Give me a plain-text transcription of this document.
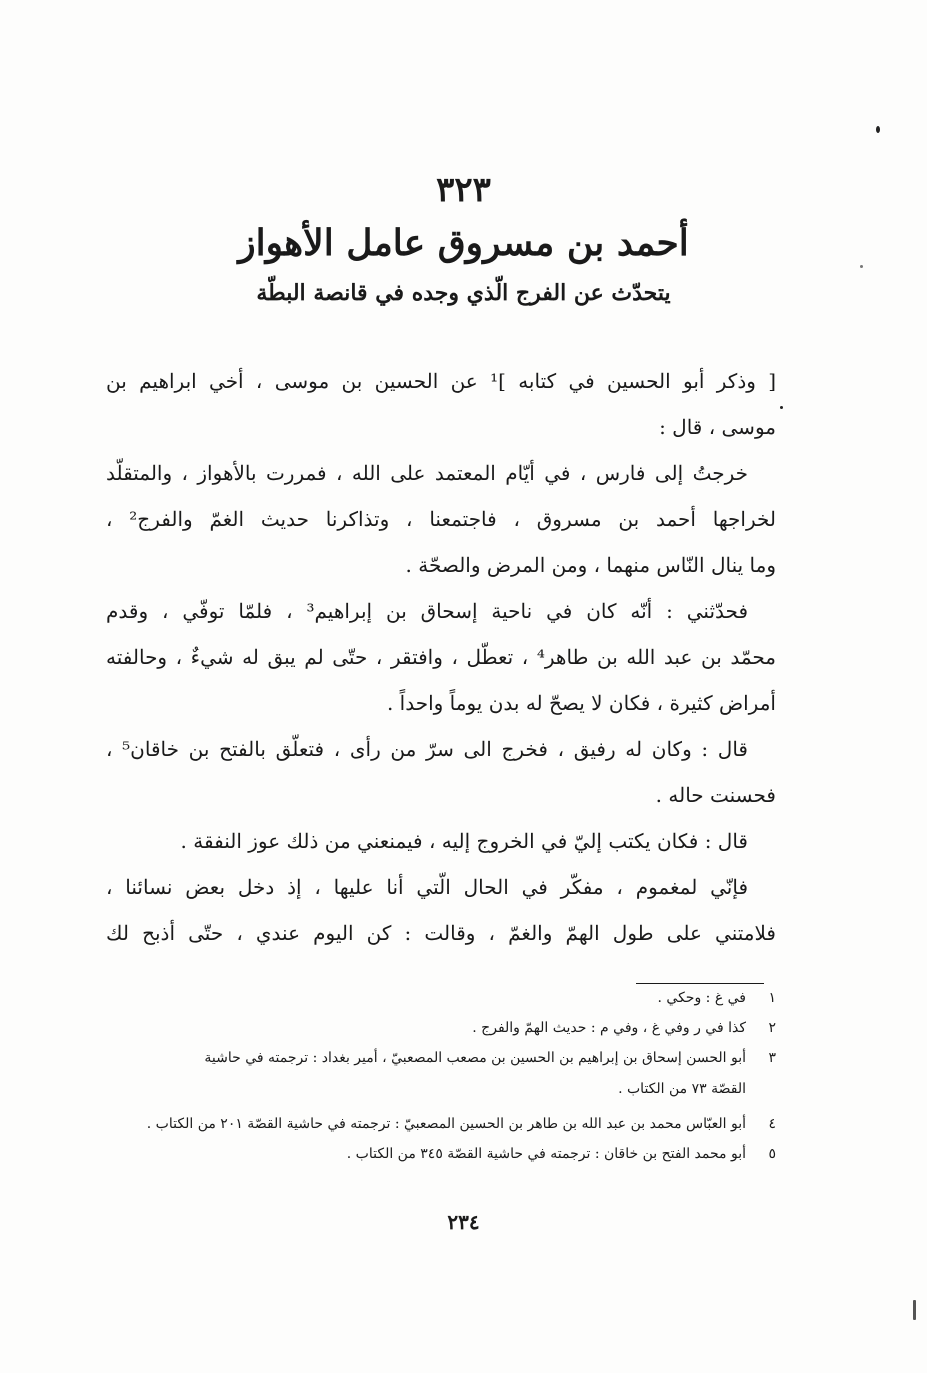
٣٢٣
أحمد بن مسروق عامل الأهواز
يتحدّث عن الفرج الّذي وجده في قانصة البطّة
[ وذكر أبو الحسين في كتابه ]¹ عن الحسين بن موسى ، أخي ابراهيم بن
موسى ، قال :
خرجتُ إلى فارس ، في أيّام المعتمد على الله ، فمررت بالأهواز ، والمتقلّد
لخراجها أحمد بن مسروق ، فاجتمعنا ، وتذاكرنا حديث الغمّ والفرج² ،
وما ينال النّاس منهما ، ومن المرض والصحّة .
فحدّثني : أنّه كان في ناحية إسحاق بن إبراهيم³ ، فلمّا توفّي ، وقدم
محمّد بن عبد الله بن طاهر⁴ ، تعطّل ، وافتقر ، حتّى لم يبق له شيءٌ ، وحالفته
أمراض كثيرة ، فكان لا يصحّ له بدن يوماً واحداً .
قال : وكان له رفيق ، فخرج الى سرّ من رأى ، فتعلّق بالفتح بن خاقان⁵ ،
فحسنت حاله .
قال : فكان يكتب إليّ في الخروج إليه ، فيمنعني من ذلك عوز النفقة .
فإنّي لمغموم ، مفكّر في الحال الّتي أنا عليها ، إذ دخل بعض نسائنا ،
فلامتني على طول الهمّ والغمّ ، وقالت : كن اليوم عندي ، حتّى أذبح لك
١
في غ : وحكي .
٢
كذا في ر وفي غ ، وفي م : حديث الهمّ والفرج .
٣
أبو الحسن إسحاق بن إبراهيم بن الحسين بن مصعب المصعبيّ ، أمير بغداد : ترجمته في حاشية
القصّة ٧٣ من الكتاب .
٤
أبو العبّاس محمد بن عبد الله بن طاهر بن الحسين المصعبيّ : ترجمته في حاشية القصّة ٢٠١ من الكتاب .
٥
أبو محمد الفتح بن خاقان : ترجمته في حاشية القصّة ٣٤٥ من الكتاب .
٢٣٤
